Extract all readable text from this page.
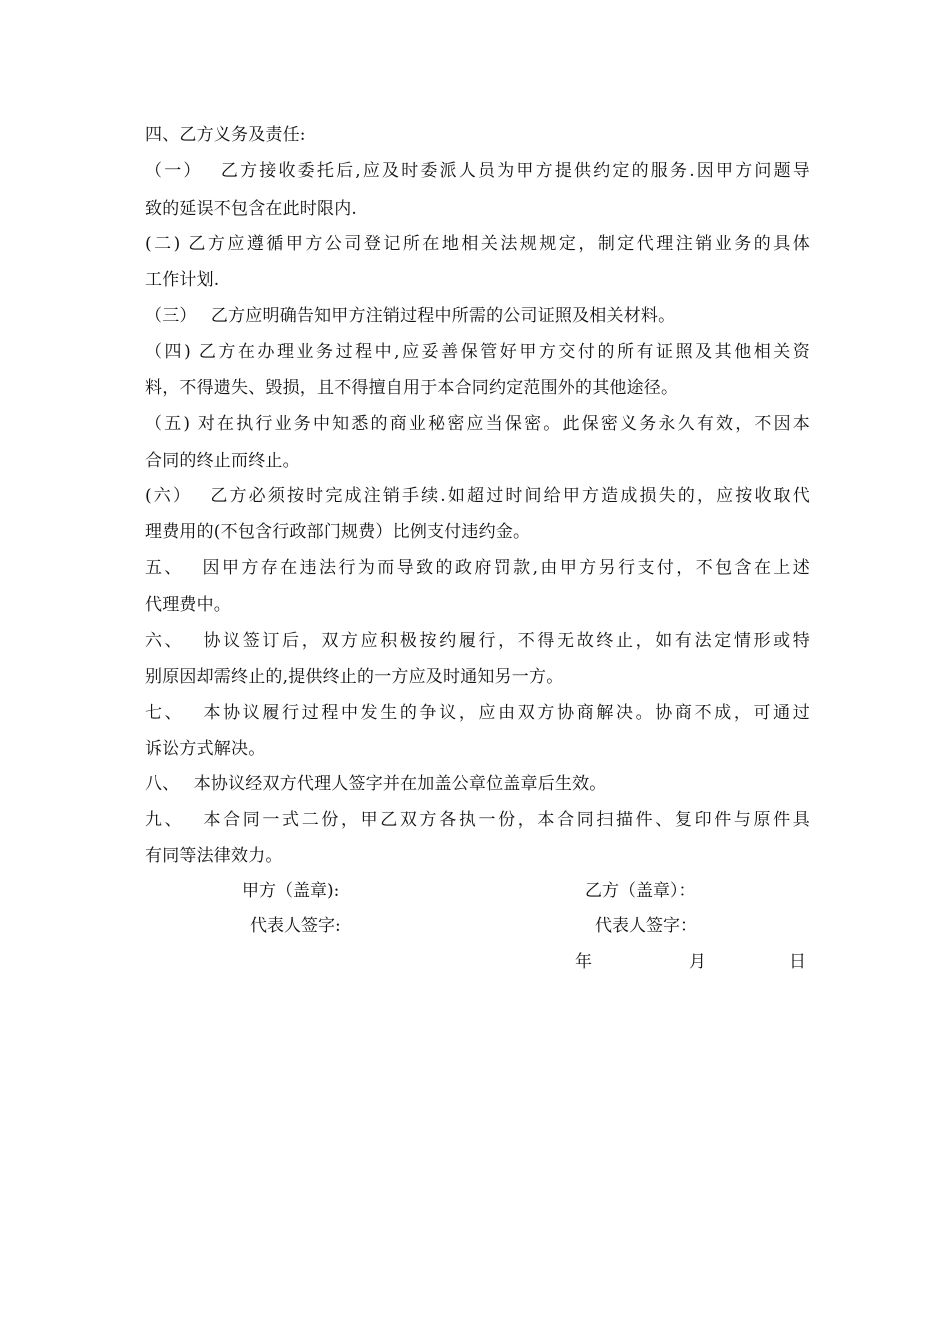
四、乙方义务及责任:
（一）　 乙方接收委托后,应及时委派人员为甲方提供约定的服务.因甲方问题导
致的延误不包含在此时限内.
(二) 乙方应遵循甲方公司登记所在地相关法规规定，制定代理注销业务的具体
工作计划.
（三）　 乙方应明确告知甲方注销过程中所需的公司证照及相关材料。
（四) 乙方在办理业务过程中,应妥善保管好甲方交付的所有证照及其他相关资
料，不得遗失、毁损，且不得擅自用于本合同约定范围外的其他途径。
（五) 对在执行业务中知悉的商业秘密应当保密。此保密义务永久有效，不因本
合同的终止而终止。
(六）　 乙方必须按时完成注销手续.如超过时间给甲方造成损失的，应按收取代
理费用的(不包含行政部门规费）比例支付违约金。
五、　 因甲方存在违法行为而导致的政府罚款,由甲方另行支付，不包含在上述
代理费中。
六、　 协议签订后，双方应积极按约履行，不得无故终止，如有法定情形或特
别原因却需终止的,提供终止的一方应及时通知另一方。
七、　 本协议履行过程中发生的争议，应由双方协商解决。协商不成，可通过
诉讼方式解决。
八、　 本协议经双方代理人签字并在加盖公章位盖章后生效。
九、　 本合同一式二份，甲乙双方各执一份，本合同扫描件、复印件与原件具
有同等法律效力。
甲方（盖章):	乙方（盖章）：
代表人签字:	代表人签字：
年	月	日
